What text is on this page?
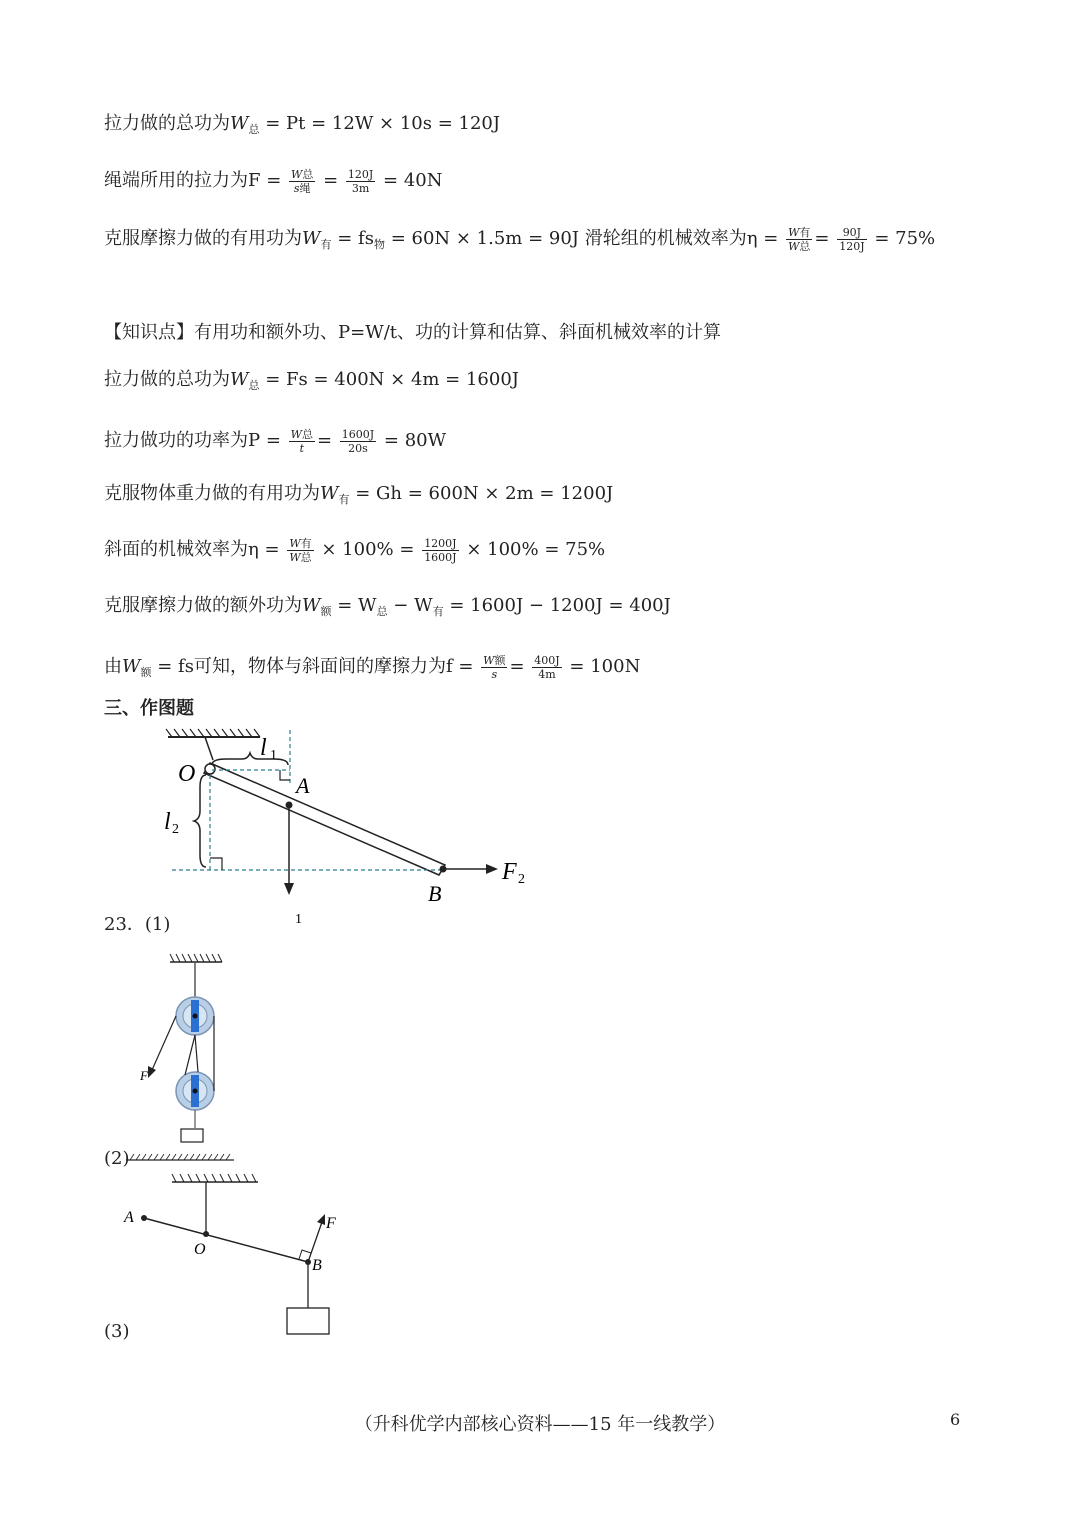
拉力做的总功为$W_总 = Pt = 12W \times 10s = 120J$
绳端所用的拉力为$F = \frac{\text{W总}}{\text{s绳}} = \frac{120J}{3m} = 40N$
克服摩擦力做的有用功为$W_有 = fs_物 = 60N \times 1.5m = 90J$ 滑轮组的机械效率为$\eta = \frac{\text{W有}}{\text{W总}} = \frac{90J}{120J} = 75\%$

【知识点】有用功和额外功、P=W/t、功的计算和估算、斜面机械效率的计算
拉力做的总功为$W_总 = Fs = 400N \times 4m = 1600J$
拉力做功的功率为$P = \frac{\text{W总}}{t} = \frac{1600J}{20s} = 80W$
克服物体重力做的有用功为$W_有 = Gh = 600N \times 2m = 1200J$
斜面的机械效率为$\eta = \frac{\text{W有}}{\text{W总}} \times 100\% = \frac{1200J}{1600J} \times 100\% = 75\%$
克服摩擦力做的额外功为$W_额 = W_总 - W_有 = 1600J - 1200J = 400J$
由$W_额$ = fs可知，物体与斜面间的摩擦力为$f = \frac{\text{W额}}{s} = \frac{400J}{4m} = 100N$
三、作图题
O	A
B
l 1
l 2
1
F 2
23．(1)
F
(2)
A
O
B
F
(3)
（升科优学内部核心资料——15 年一线教学）	6
